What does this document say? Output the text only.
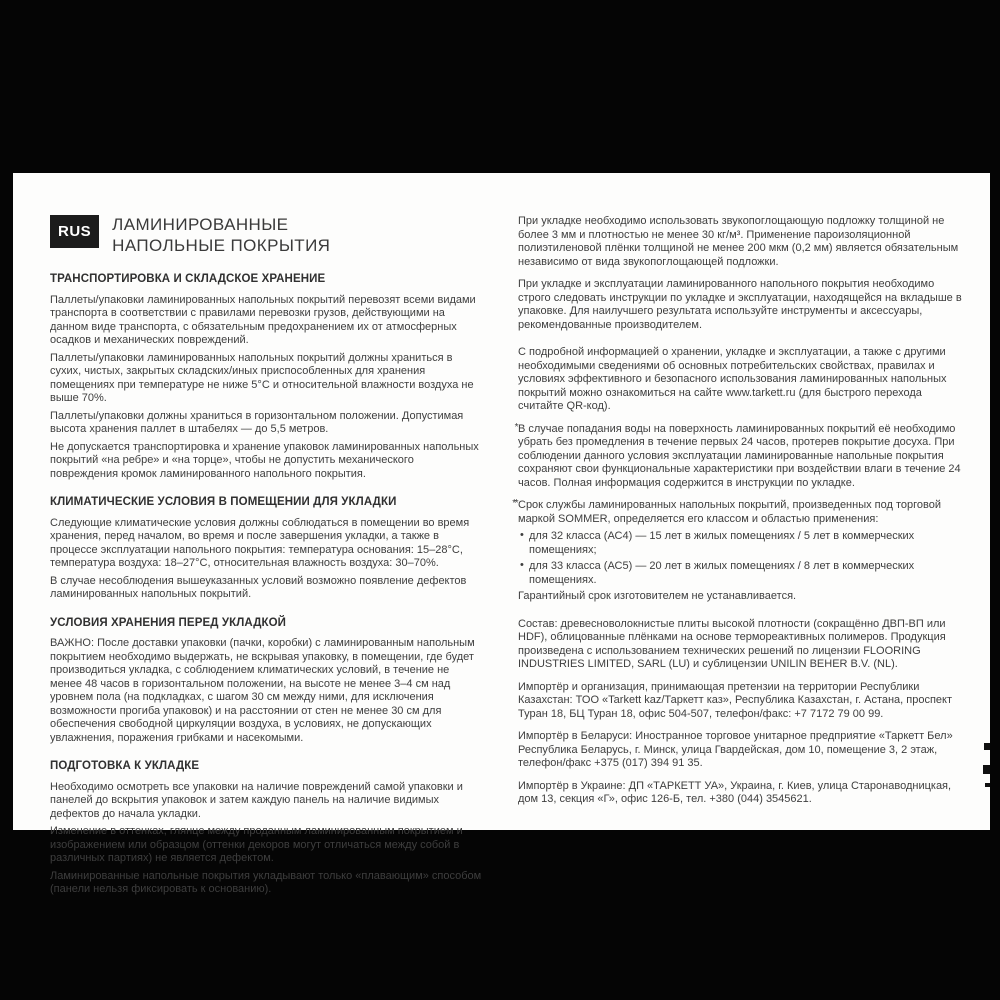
RUS	ЛАМИНИРОВАННЫЕ
НАПОЛЬНЫЕ ПОКРЫТИЯ
ТРАНСПОРТИРОВКА И СКЛАДСКОЕ ХРАНЕНИЕ

Паллеты/упаковки ламинированных напольных покрытий перевозят всеми видами транспорта в соответствии с правилами перевозки грузов, действующими на данном виде транспорта, с обязательным предохранением их от атмосферных осадков и механических повреждений.

Паллеты/упаковки ламинированных напольных покрытий должны храниться в сухих, чистых, закрытых складских/иных приспособленных для хранения помещениях при температуре не ниже 5°С и относительной влажности воздуха не выше 70%.

Паллеты/упаковки должны храниться в горизонтальном положении. Допустимая высота хранения паллет в штабелях — до 5,5 метров.

Не допускается транспортировка и хранение упаковок ламинированных напольных покрытий «на ребре» и «на торце», чтобы не допустить механического повреждения кромок ламинированного напольного покрытия.

КЛИМАТИЧЕСКИЕ УСЛОВИЯ В ПОМЕЩЕНИИ ДЛЯ УКЛАДКИ

Следующие климатические условия должны соблюдаться в помещении во время хранения, перед началом, во время и после завершения укладки, а также в процессе эксплуатации напольного покрытия: температура основания: 15–28°С, температура воздуха: 18–27°С, относительная влажность воздуха: 30–70%.

В случае несоблюдения вышеуказанных условий возможно появление дефектов ламинированных напольных покрытий.

УСЛОВИЯ ХРАНЕНИЯ ПЕРЕД УКЛАДКОЙ

ВАЖНО: После доставки упаковки (пачки, коробки) с ламинированным напольным покрытием необходимо выдержать, не вскрывая упаковку, в помещении, где будет производиться укладка, с соблюдением климатических условий, в течение не менее 48 часов в горизонтальном положении, на высоте не менее 3–4 см над уровнем пола (на подкладках, с шагом 30 см между ними, для исключения возможности прогиба упаковок) и на расстоянии от стен не менее 30 см для обеспечения свободной циркуляции воздуха, в условиях, не допускающих увлажнения, поражения грибками и насекомыми.

ПОДГОТОВКА К УКЛАДКЕ

Необходимо осмотреть все упаковки на наличие повреждений самой упаковки и панелей до вскрытия упаковок и затем каждую панель на наличие видимых дефектов до начала укладки.

Изменение в оттенках, глянце между проданным ламинированным покрытием и изображением или образцом (оттенки декоров могут отличаться между собой в различных партиях) не является дефектом.

Ламинированные напольные покрытия укладывают только «плавающим» способом (панели нельзя фиксировать к основанию).

При укладке необходимо использовать звукопоглощающую подложку толщиной не более 3 мм и плотностью не менее 30 кг/м³. Применение пароизоляционной полиэтиленовой плёнки толщиной не менее 200 мкм (0,2 мм) является обязательным независимо от вида звукопоглощающей подложки.

При укладке и эксплуатации ламинированного напольного покрытия необходимо строго следовать инструкции по укладке и эксплуатации, находящейся на вкладыше в упаковке. Для наилучшего результата используйте инструменты и аксессуары, рекомендованные производителем.

С подробной информацией о хранении, укладке и эксплуатации, а также с другими необходимыми сведениями об основных потребительских свойствах, правилах и условиях эффективного и безопасного использования ламинированных напольных покрытий можно ознакомиться на сайте www.tarkett.ru (для быстрого перехода считайте QR-код).

* В случае попадания воды на поверхность ламинированных покрытий её необходимо убрать без промедления в течение первых 24 часов, протерев покрытие досуха. При соблюдении данного условия эксплуатации ламинированные напольные покрытия сохраняют свои функциональные характеристики при воздействии влаги в течение 24 часов. Полная информация содержится в инструкции по укладке.

** Срок службы ламинированных напольных покрытий, произведенных под торговой маркой SOMMER, определяется его классом и областью применения:

• для 32 класса (АС4) — 15 лет в жилых помещениях / 5 лет в коммерческих помещениях;

• для 33 класса (АС5) — 20 лет в жилых помещениях / 8 лет в коммерческих помещениях.

Гарантийный срок изготовителем не устанавливается.

Состав: древесноволокнистые плиты высокой плотности (сокращённо ДВП-ВП или HDF), облицованные плёнками на основе термореактивных полимеров. Продукция произведена с использованием технических решений по лицензии FLOORING INDUSTRIES LIMITED, SARL (LU) и сублицензии UNILIN BEHER B.V. (NL).

Импортёр и организация, принимающая претензии на территории Республики Казахстан: ТОО «Tarkett kaz/Таркетт каз», Республика Казахстан, г. Астана, проспект Туран 18, БЦ Туран 18, офис 504-507, телефон/факс: +7 7172 79 00 99.

Импортёр в Беларуси: Иностранное торговое унитарное предприятие «Таркетт Бел» Республика Беларусь, г. Минск, улица Гвардейская, дом 10, помещение 3, 2 этаж, телефон/факс +375 (017) 394 91 35.

Импортёр в Украине: ДП «ТАРКЕТТ УА», Украина, г. Киев, улица Старонаводницкая, дом 13, секция «Г», офис 126-Б, тел. +380 (044) 3545621.
